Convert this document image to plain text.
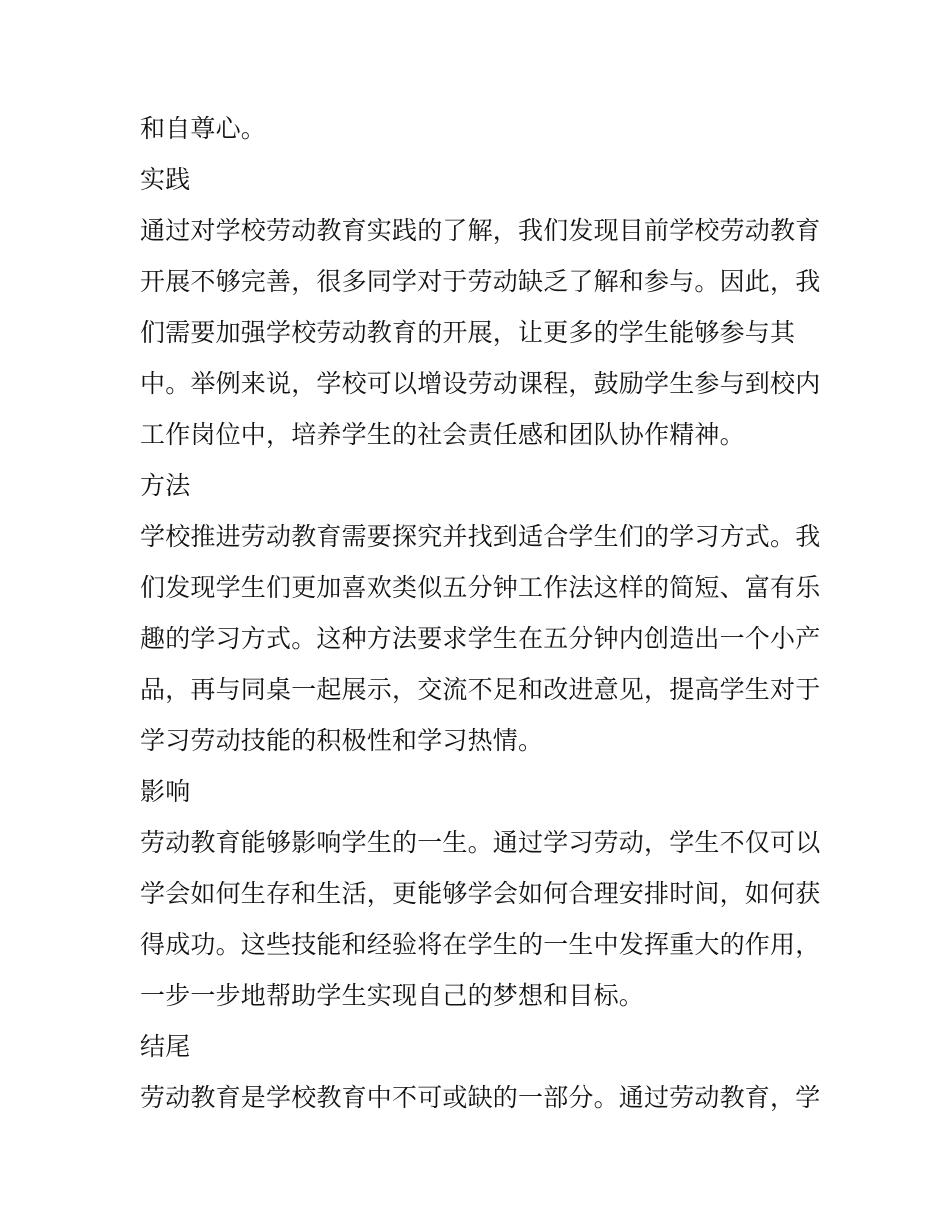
和自尊心。
实践
通过对学校劳动教育实践的了解，我们发现目前学校劳动教育
开展不够完善，很多同学对于劳动缺乏了解和参与。因此，我
们需要加强学校劳动教育的开展，让更多的学生能够参与其
中。举例来说，学校可以增设劳动课程，鼓励学生参与到校内
工作岗位中，培养学生的社会责任感和团队协作精神。
方法
学校推进劳动教育需要探究并找到适合学生们的学习方式。我
们发现学生们更加喜欢类似五分钟工作法这样的简短、富有乐
趣的学习方式。这种方法要求学生在五分钟内创造出一个小产
品，再与同桌一起展示，交流不足和改进意见，提高学生对于
学习劳动技能的积极性和学习热情。
影响
劳动教育能够影响学生的一生。通过学习劳动，学生不仅可以
学会如何生存和生活，更能够学会如何合理安排时间，如何获
得成功。这些技能和经验将在学生的一生中发挥重大的作用，
一步一步地帮助学生实现自己的梦想和目标。
结尾
劳动教育是学校教育中不可或缺的一部分。通过劳动教育，学
